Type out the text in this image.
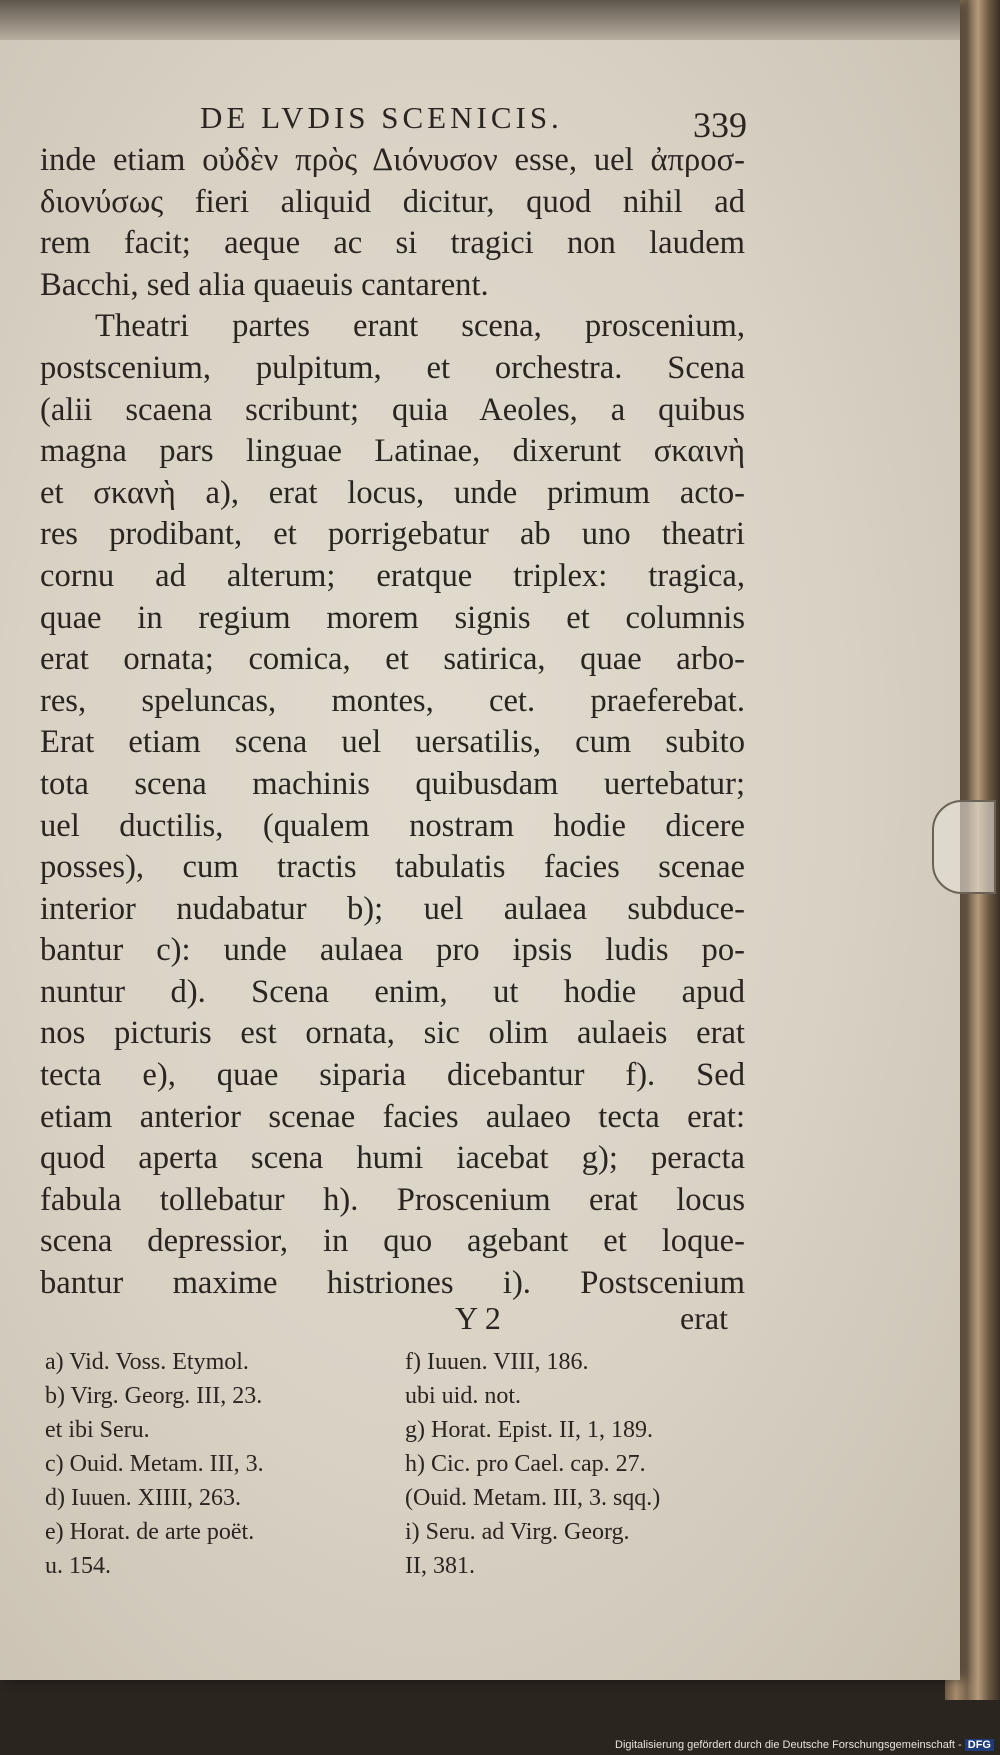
DE LVDIS SCENICIS.	339
inde etiam οὐδὲν πρὸς Διόνυσον esse, uel ἀπροσ-
διονύσως fieri aliquid dicitur, quod nihil ad
rem facit; aeque ac si tragici non laudem
Bacchi, sed alia quaeuis cantarent.
Theatri partes erant scena, proscenium,
postscenium, pulpitum, et orchestra. Scena
(alii scaena scribunt; quia Aeoles, a quibus
magna pars linguae Latinae, dixerunt σκαινὴ
et σκανὴ a), erat locus, unde primum acto-
res prodibant, et porrigebatur ab uno theatri
cornu ad alterum; eratque triplex: tragica,
quae in regium morem signis et columnis
erat ornata; comica, et satirica, quae arbo-
res, speluncas, montes, cet. praeferebat.
Erat etiam scena uel uersatilis, cum subito
tota scena machinis quibusdam uertebatur;
uel ductilis, (qualem nostram hodie dicere
posses), cum tractis tabulatis facies scenae
interior nudabatur b); uel aulaea subduce-
bantur c): unde aulaea pro ipsis ludis po-
nuntur d). Scena enim, ut hodie apud
nos picturis est ornata, sic olim aulaeis erat
tecta e), quae siparia dicebantur f). Sed
etiam anterior scenae facies aulaeo tecta erat:
quod aperta scena humi iacebat g); peracta
fabula tollebatur h). Proscenium erat locus
scena depressior, in quo agebant et loque-
bantur maxime histriones i). Postscenium
Y 2	erat
a) Vid. Voss. Etymol.
b) Virg. Georg. III, 23.
et ibi Seru.
c) Ouid. Metam. III, 3.
d) Iuuen. XIIII, 263.
e) Horat. de arte poët.
u. 154.
f) Iuuen. VIII, 186.
ubi uid. not.
g) Horat. Epist. II, 1, 189.
h) Cic. pro Cael. cap. 27.
(Ouid. Metam. III, 3. sqq.)
i) Seru. ad Virg. Georg.
II, 381.
Digitalisierung gefördert durch die Deutsche Forschungsgemeinschaft - DFG
